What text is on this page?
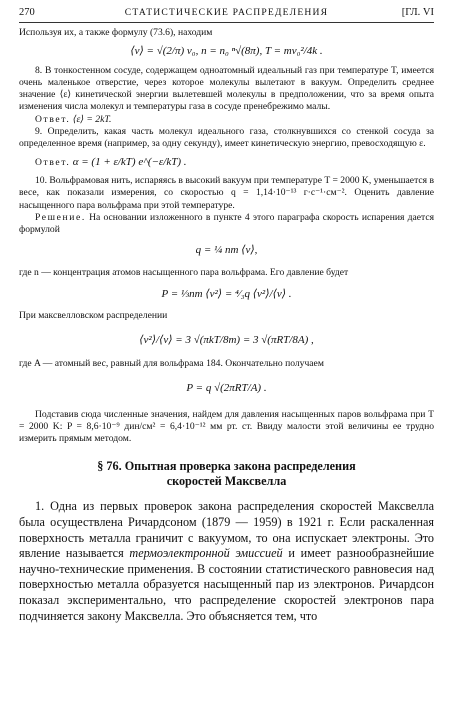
270	СТАТИСТИЧЕСКИЕ РАСПРЕДЕЛЕНИЯ	[ГЛ. VI

Используя их, а также формулу (73.6), находим

⟨v⟩ = √(2/π) v₀, n = n₀ ⁿ√(8π), T = mv₀²/4k .

8. В тонкостенном сосуде, содержащем одноатомный идеальный газ при температуре T, имеется очень маленькое отверстие, через которое молекулы вылетают в вакуум. Определить среднее значение ⟨ε⟩ кинетической энергии вылетевшей молекулы в предположении, что за время опыта изменения числа молекул и температуры газа в сосуде пренебрежимо малы.

Ответ. ⟨ε⟩ = 2kT.

9. Определить, какая часть молекул идеального газа, столкнувшихся со стенкой сосуда за определенное время (например, за одну секунду), имеет кинетическую энергию, превосходящую ε.

Ответ. α = (1 + ε/kT) e^(−ε/kT) .

10. Вольфрамовая нить, испаряясь в высокий вакуум при температуре T = 2000 K, уменьшается в весе, как показали измерения, со скоростью q = 1,14·10⁻¹³ г·с⁻¹·см⁻². Оценить давление насыщенного пара вольфрама при этой температуре.

Решение. На основании изложенного в пункте 4 этого параграфа скорость испарения дается формулой

q = ¼ nm ⟨v⟩,

где n — концентрация атомов насыщенного пара вольфрама. Его давление будет

P = ⅓nm ⟨v²⟩ = ⁴⁄₃q ⟨v²⟩/⟨v⟩ .

При максвелловском распределении

⟨v²⟩/⟨v⟩ = 3 √(πkT/8m) = 3 √(πRT/8A) ,

где A — атомный вес, равный для вольфрама 184. Окончательно получаем

P = q √(2πRT/A) .

Подставив сюда численные значения, найдем для давления насыщенных паров вольфрама при T = 2000 K: P = 8,6·10⁻⁹ дин/см² = 6,4·10⁻¹² мм рт. ст. Ввиду малости этой величины ее трудно измерить прямым методом.

§ 76. Опытная проверка закона распределения

скоростей Максвелла

1. Одна из первых проверок закона распределения скоростей Максвелла была осуществлена Ричардсоном (1879 — 1959) в 1921 г. Если раскаленная поверхность металла граничит с вакуумом, то она испускает электроны. Это явление называется термоэлектронной эмиссией и имеет разнообразнейшие научно-технические применения. В состоянии статистического равновесия над поверхностью металла образуется насыщенный пар из электронов. Ричардсон показал экспериментально, что распределение скоростей электронов пара подчиняется закону Максвелла. Это объясняется тем, что
